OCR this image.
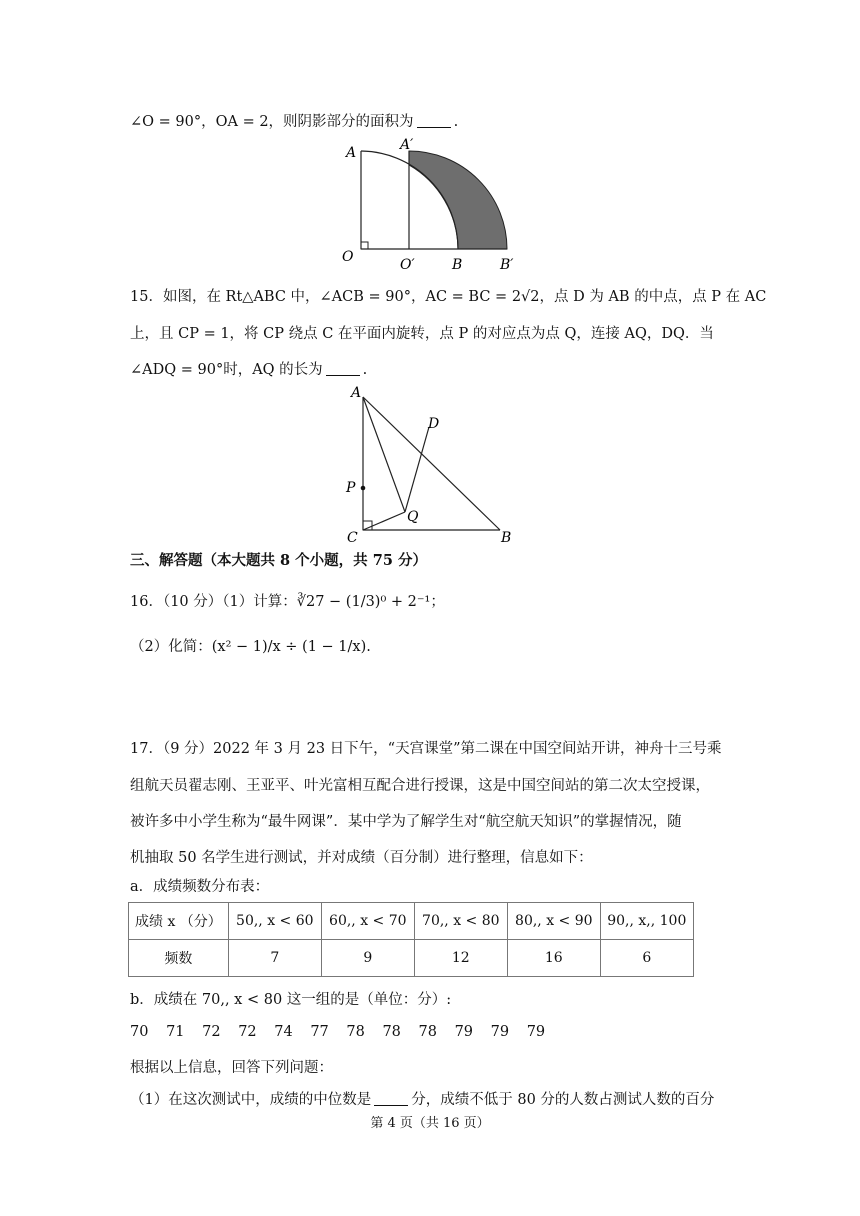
∠O = 90°，OA = 2，则阴影部分的面积为	.
A	A′
O	O′	B	B′
15．如图，在 Rt△ABC 中，∠ACB = 90°，AC = BC = 2√2，点 D 为 AB 的中点，点 P 在 AC
上，且 CP = 1，将 CP 绕点 C 在平面内旋转，点 P 的对应点为点 Q，连接 AQ，DQ．当
∠ADQ = 90°时，AQ 的长为	.
A
D
P
Q
C	B
三、解答题（本大题共 8 个小题，共 75 分）
16．（10 分）（1）计算：∛27 − (1/3)⁰ + 2⁻¹；
（2）化简：(x² − 1)/x ÷ (1 − 1/x).
17．（9 分）2022 年 3 月 23 日下午，“天宫课堂”第二课在中国空间站开讲，神舟十三号乘
组航天员翟志刚、王亚平、叶光富相互配合进行授课，这是中国空间站的第二次太空授课，
被许多中小学生称为“最牛网课”．某中学为了解学生对“航空航天知识”的掌握情况，随
机抽取 50 名学生进行测试，并对成绩（百分制）进行整理，信息如下：
a．成绩频数分布表：
成绩 x （分）	50,, x < 60	60,, x < 70	70,, x < 80	80,, x < 90	90,, x,, 100
频数	7	9	12	16	6
b．成绩在 70,, x < 80 这一组的是（单位：分）:
70 71 72 72 74 77 78 78 78 79 79 79
根据以上信息，回答下列问题：
（1）在这次测试中，成绩的中位数是	分，成绩不低于 80 分的人数占测试人数的百分
第 4 页（共 16 页）
